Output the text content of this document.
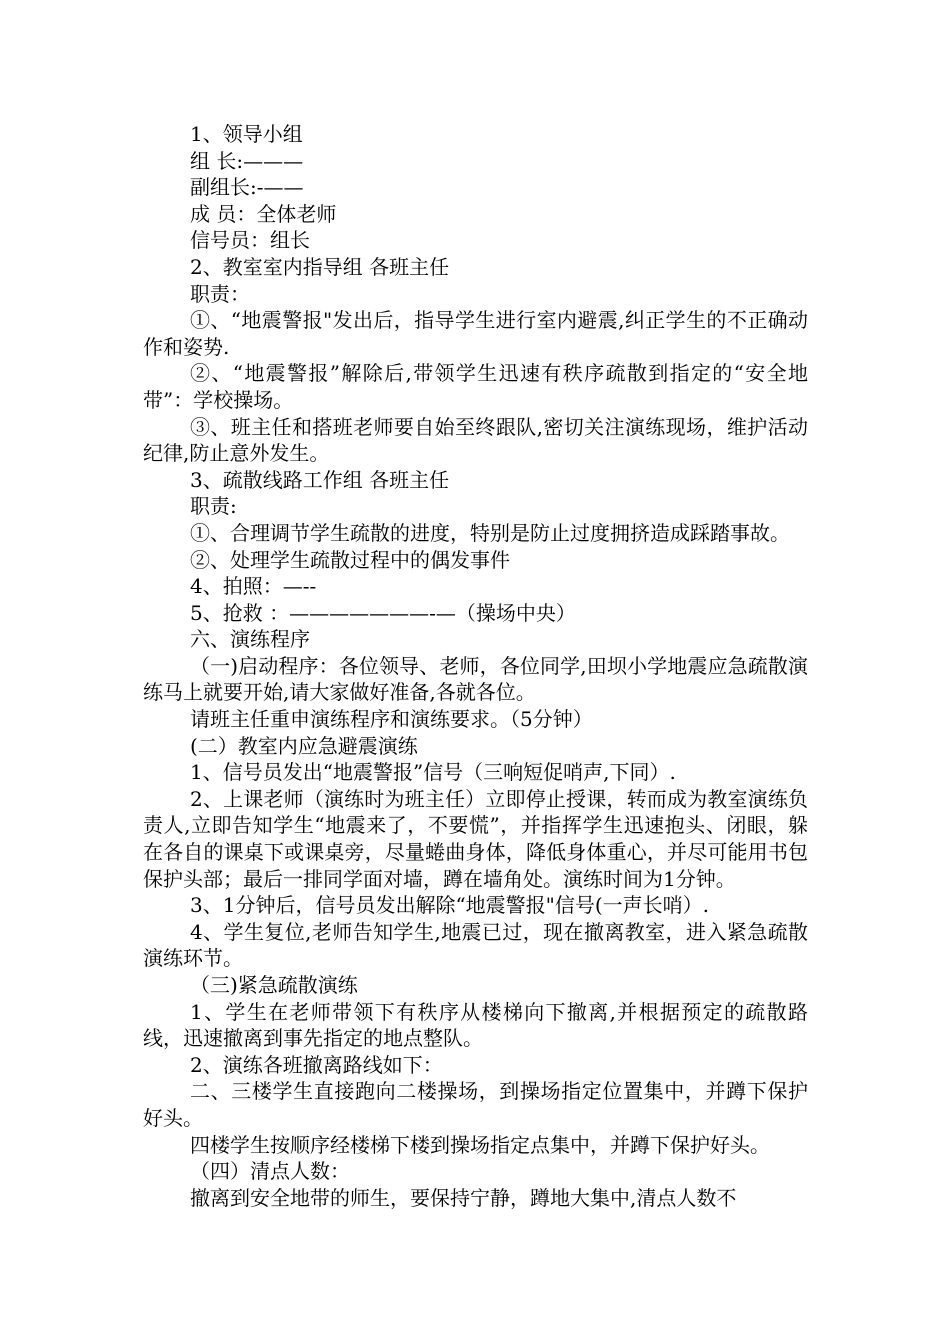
1、领导小组

组 长:———

副组长:-——

成 员：全体老师

信号员：组长

2、教室室内指导组 各班主任

职责：

①、“地震警报"发出后，指导学生进行室内避震,纠正学生的不正确动作和姿势.

②、“地震警报”解除后,带领学生迅速有秩序疏散到指定的“安全地带”：学校操场。

③、班主任和搭班老师要自始至终跟队,密切关注演练现场，维护活动纪律,防止意外发生。

3、疏散线路工作组 各班主任

职责:

①、合理调节学生疏散的进度，特别是防止过度拥挤造成踩踏事故。

②、处理学生疏散过程中的偶发事件

4、拍照：—--

5、抢救 ：———————-—（操场中央）

六、演练程序

（一)启动程序：各位领导、老师，各位同学,田坝小学地震应急疏散演练马上就要开始,请大家做好准备,各就各位。

请班主任重申演练程序和演练要求。（5分钟）

(二）教室内应急避震演练

1、信号员发出“地震警报”信号（三响短促哨声,下同）.

2、上课老师（演练时为班主任）立即停止授课，转而成为教室演练负责人,立即告知学生“地震来了，不要慌”，并指挥学生迅速抱头、闭眼，躲在各自的课桌下或课桌旁，尽量蜷曲身体，降低身体重心，并尽可能用书包保护头部；最后一排同学面对墙，蹲在墙角处。演练时间为1分钟。

3、1分钟后，信号员发出解除“地震警报"信号(一声长哨）.

4、学生复位,老师告知学生,地震已过，现在撤离教室，进入紧急疏散演练环节。

（三)紧急疏散演练

1、学生在老师带领下有秩序从楼梯向下撤离,并根据预定的疏散路线，迅速撤离到事先指定的地点整队。

2、演练各班撤离路线如下：

二、三楼学生直接跑向二楼操场，到操场指定位置集中，并蹲下保护好头。

四楼学生按顺序经楼梯下楼到操场指定点集中，并蹲下保护好头。

（四）清点人数：

撤离到安全地带的师生，要保持宁静，蹲地大集中,清点人数不
